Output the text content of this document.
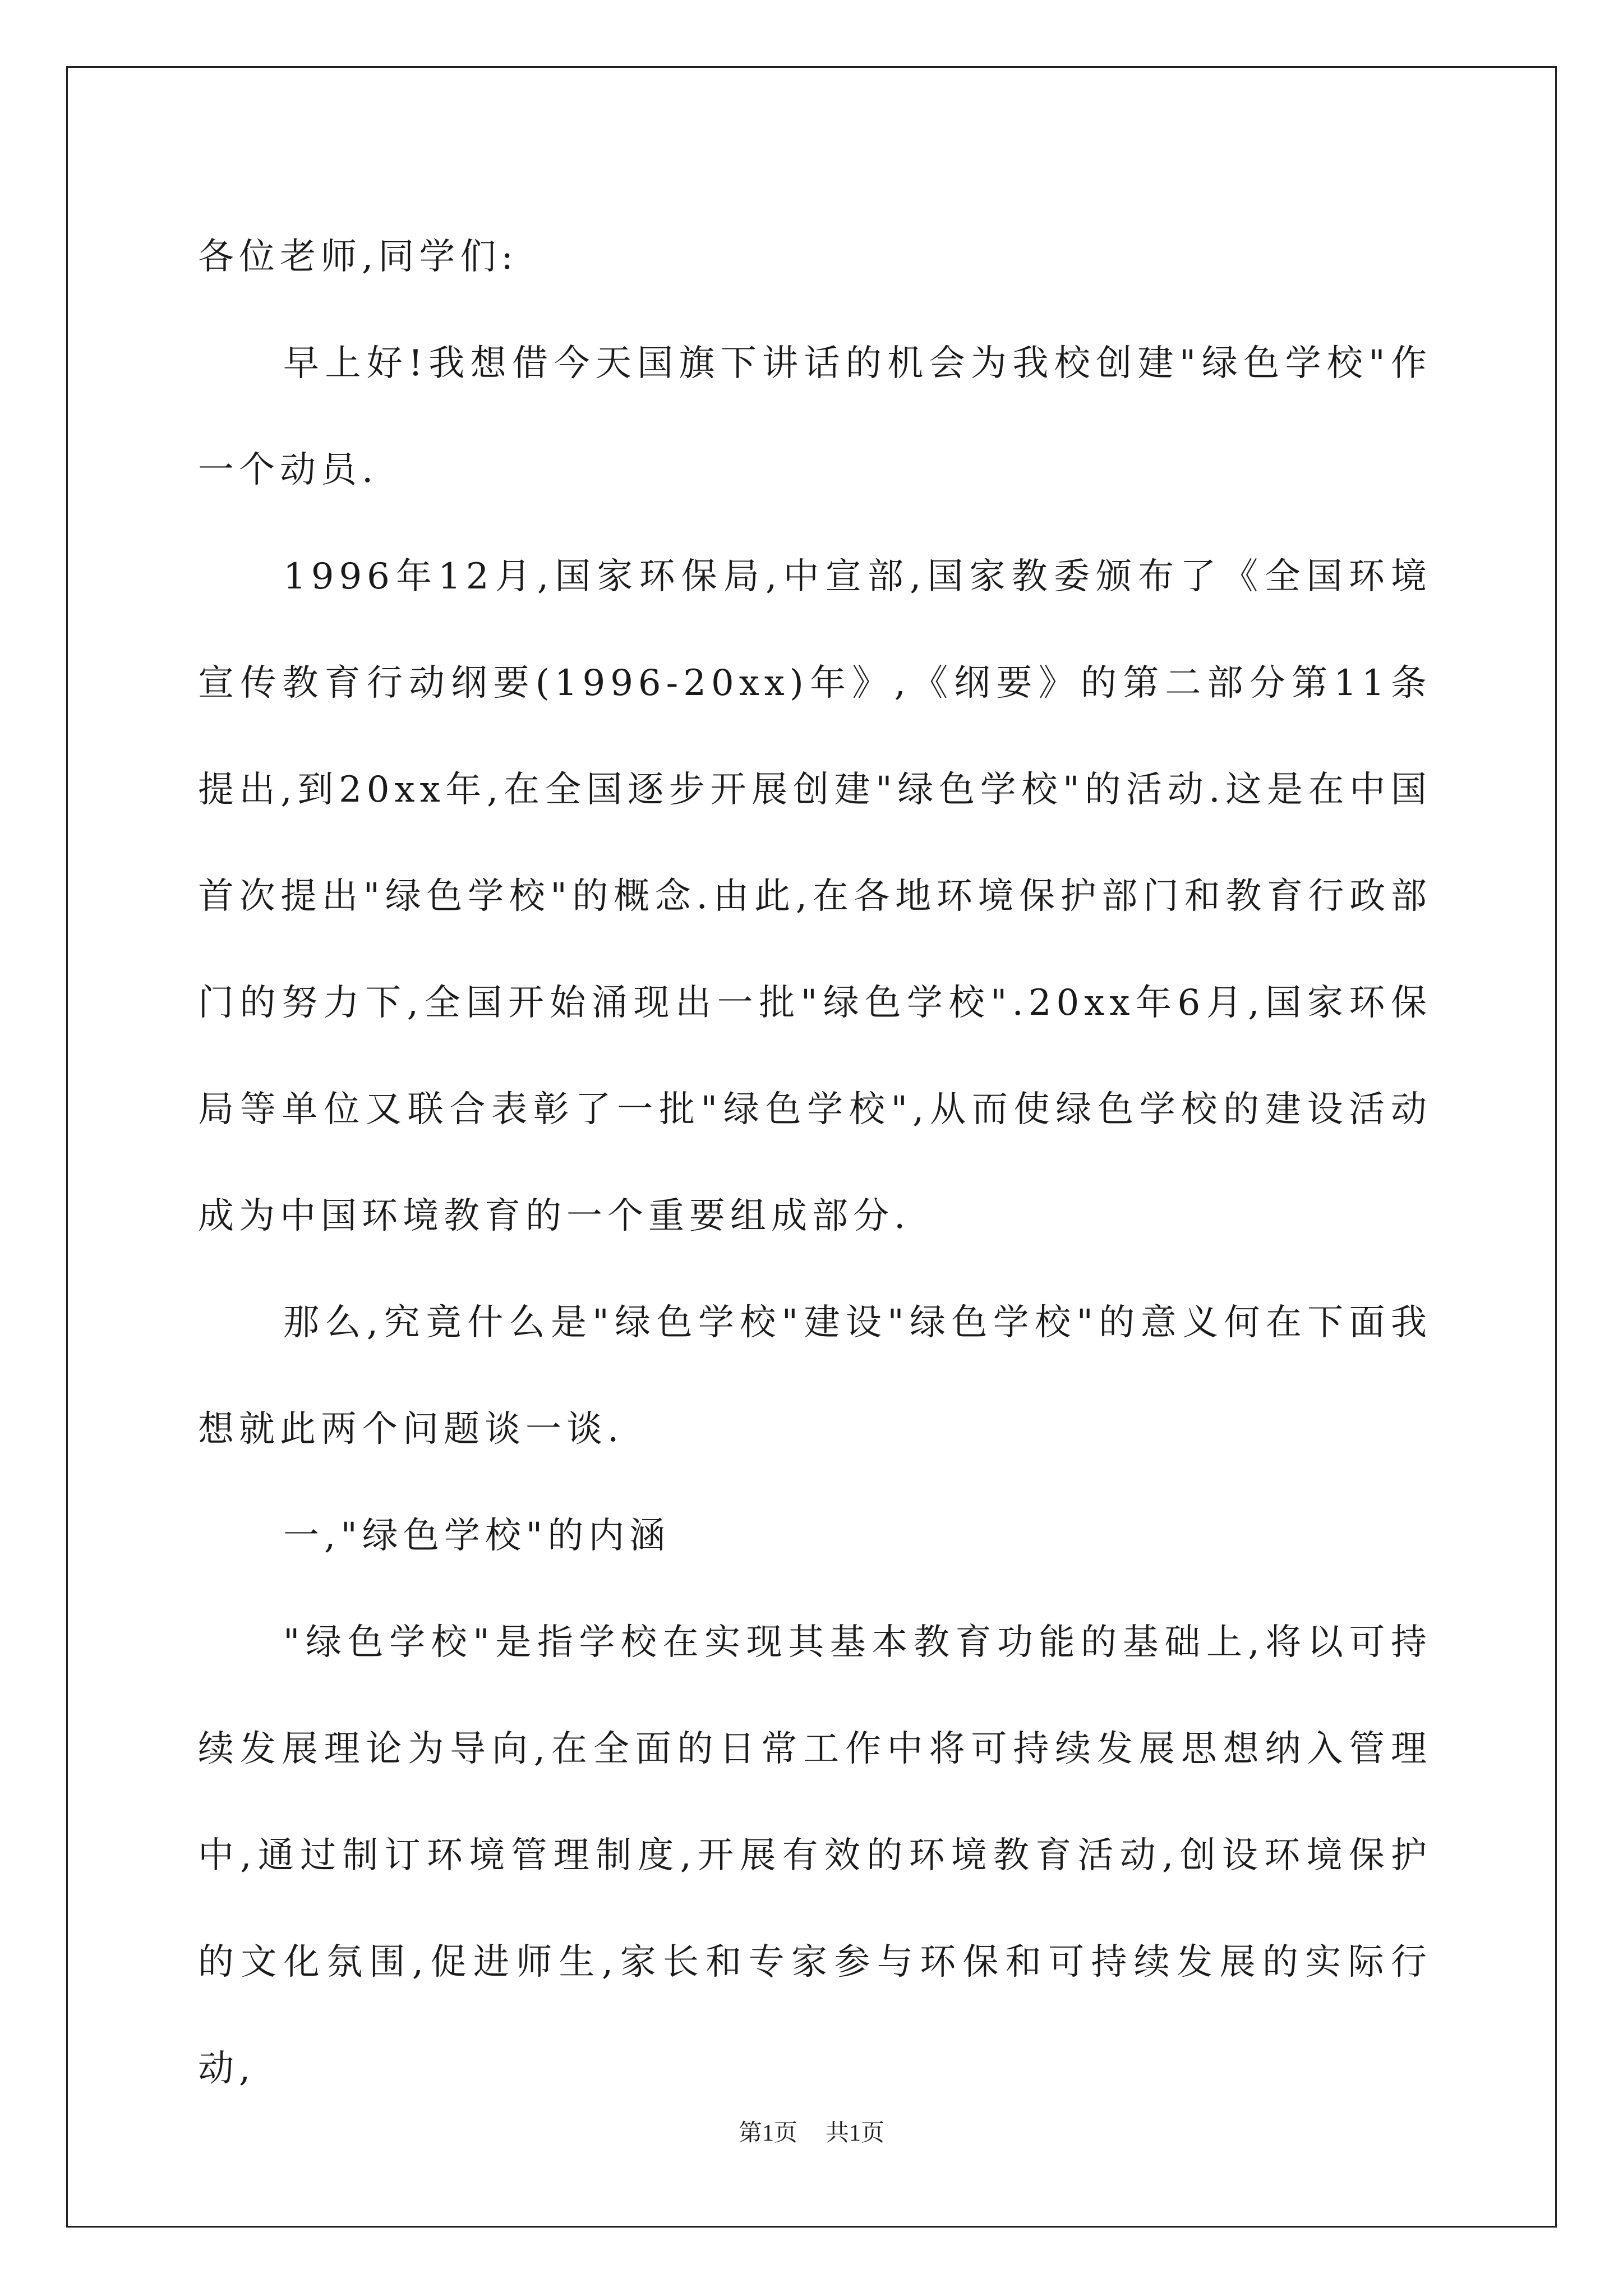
各位老师,同学们:

早上好!我想借今天国旗下讲话的机会为我校创建"绿色学校"作一个动员.

1996年12月,国家环保局,中宣部,国家教委颁布了《全国环境宣传教育行动纲要(1996-20xx)年》,《纲要》的第二部分第11条提出,到20xx年,在全国逐步开展创建"绿色学校"的活动.这是在中国首次提出"绿色学校"的概念.由此,在各地环境保护部门和教育行政部门的努力下,全国开始涌现出一批"绿色学校".20xx年6月,国家环保局等单位又联合表彰了一批"绿色学校",从而使绿色学校的建设活动成为中国环境教育的一个重要组成部分.

那么,究竟什么是"绿色学校"建设"绿色学校"的意义何在下面我想就此两个问题谈一谈.

一,"绿色学校"的内涵

"绿色学校"是指学校在实现其基本教育功能的基础上,将以可持续发展理论为导向,在全面的日常工作中将可持续发展思想纳入管理中,通过制订环境管理制度,开展有效的环境教育活动,创设环境保护的文化氛围,促进师生,家长和专家参与环保和可持续发展的实际行动,

第1页 共1页
